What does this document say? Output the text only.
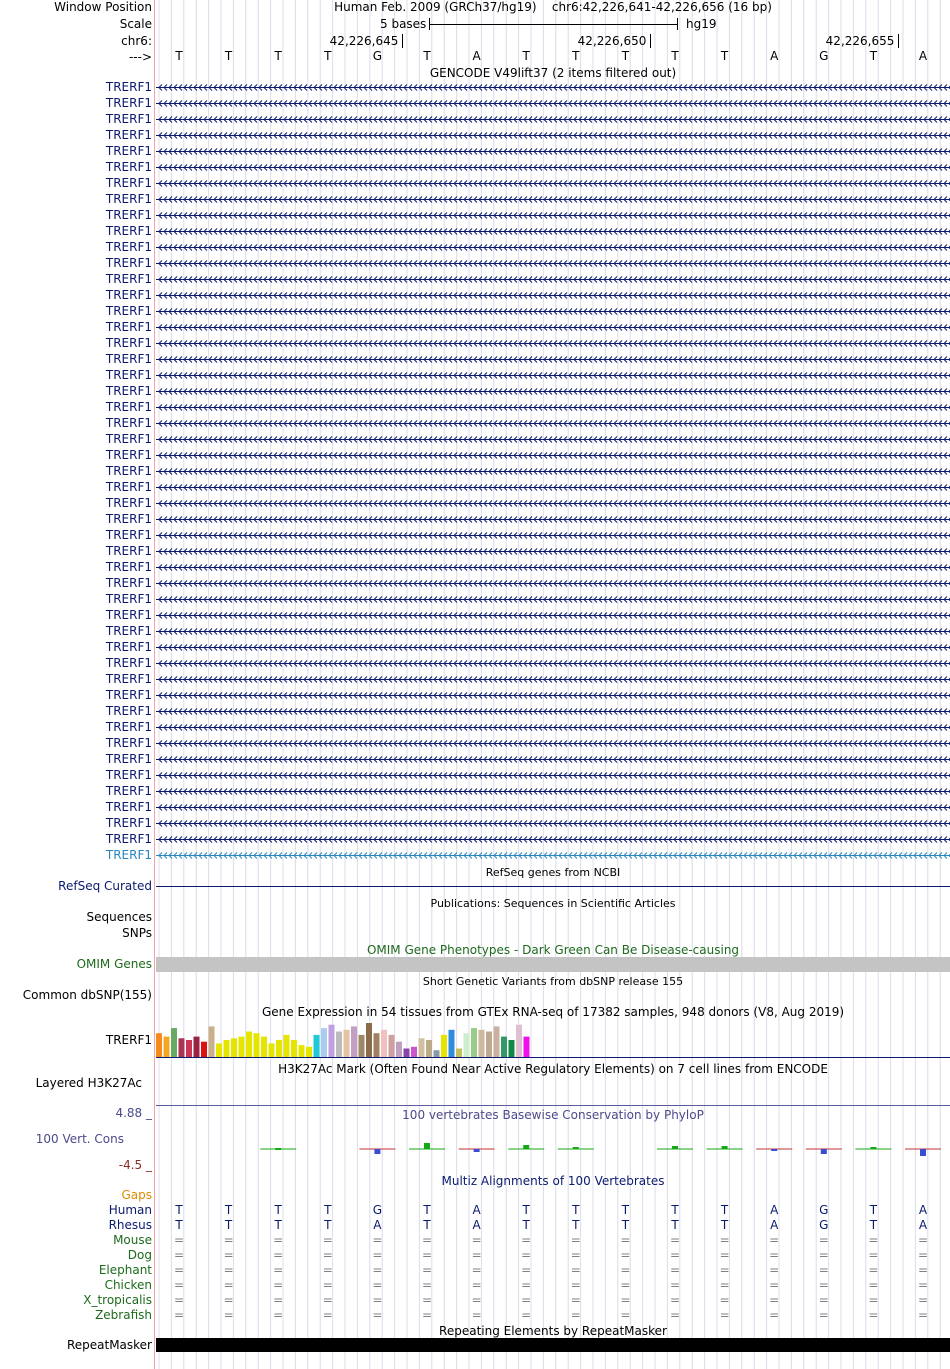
Window Position
Scale
chr6:
--->
Human Feb. 2009 (GRCh37/hg19) chr6:42,226,641-42,226,656 (16 bp)
5 bases	hg19
42,226,645	42,226,650	42,226,655
T	T	T	T	G	T	A	T	T	T	T	T	A	G	T	A
GENCODE V49lift37 (2 items filtered out)
TRERF1
TRERF1
TRERF1
TRERF1
TRERF1
TRERF1
TRERF1
TRERF1
TRERF1
TRERF1
TRERF1
TRERF1
TRERF1
TRERF1
TRERF1
TRERF1
TRERF1
TRERF1
TRERF1
TRERF1
TRERF1
TRERF1
TRERF1
TRERF1
TRERF1
TRERF1
TRERF1
TRERF1
TRERF1
TRERF1
TRERF1
TRERF1
TRERF1
TRERF1
TRERF1
TRERF1
TRERF1
TRERF1
TRERF1
TRERF1
TRERF1
TRERF1
TRERF1
TRERF1
TRERF1
TRERF1
TRERF1
TRERF1
TRERF1
RefSeq genes from NCBI
RefSeq Curated
Publications: Sequences in Scientific Articles
Sequences
SNPs
OMIM Gene Phenotypes - Dark Green Can Be Disease-causing
OMIM Genes
Short Genetic Variants from dbSNP release 155
Common dbSNP(155)
Gene Expression in 54 tissues from GTEx RNA-seq of 17382 samples, 948 donors (V8, Aug 2019)
TRERF1
H3K27Ac Mark (Often Found Near Active Regulatory Elements) on 7 cell lines from ENCODE
Layered H3K27Ac
100 vertebrates Basewise Conservation by PhyloP
4.88 _
100 Vert. Cons
-4.5 _
Multiz Alignments of 100 Vertebrates
Gaps
Human	T	T	T	T	G	T	A	T	T	T	T	T	A	G	T	A
Rhesus	T	T	T	T	A	T	A	T	T	T	T	T	A	G	T	A
Mouse	=	=	=	=	=	=	=	=	=	=	=	=	=	=	=	=
Dog	=	=	=	=	=	=	=	=	=	=	=	=	=	=	=	=
Elephant	=	=	=	=	=	=	=	=	=	=	=	=	=	=	=	=
Chicken	=	=	=	=	=	=	=	=	=	=	=	=	=	=	=	=
X_tropicalis	=	=	=	=	=	=	=	=	=	=	=	=	=	=	=	=
Zebrafish	=	=	=	=	=	=	=	=	=	=	=	=	=	=	=	=
Repeating Elements by RepeatMasker
RepeatMasker
